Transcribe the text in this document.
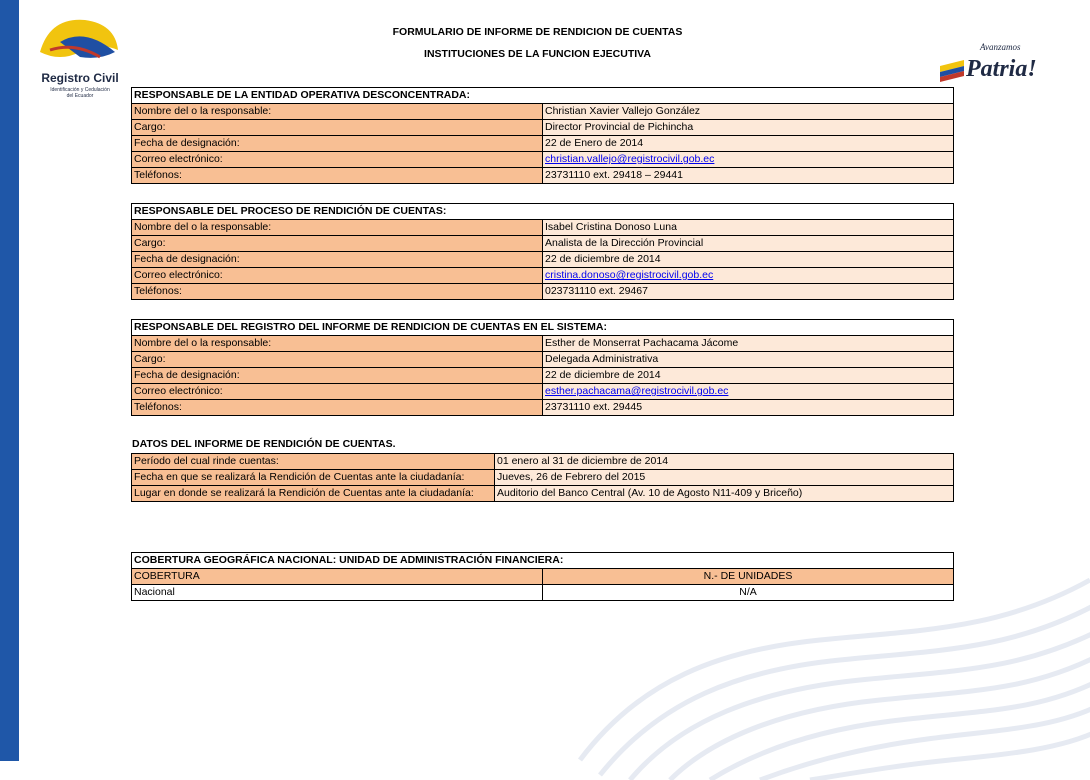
Registro Civil
Identificación y Cedulación
del Ecuador
Avanzamos
Patria!
FORMULARIO DE INFORME DE RENDICION DE CUENTAS
INSTITUCIONES DE LA FUNCION EJECUTIVA
RESPONSABLE DE LA ENTIDAD OPERATIVA DESCONCENTRADA:	
Nombre del o la responsable:	Christian Xavier Vallejo González
Cargo:	Director Provincial de Pichincha
Fecha de designación:	22 de Enero de 2014
Correo electrónico:	christian.vallejo@registrocivil.gob.ec
Teléfonos:	23731110 ext. 29418 – 29441
RESPONSABLE DEL PROCESO DE RENDICIÓN DE CUENTAS:	
Nombre del o la responsable:	Isabel Cristina Donoso Luna
Cargo:	Analista de la Dirección Provincial
Fecha de designación:	22 de diciembre de 2014
Correo electrónico:	cristina.donoso@registrocivil.gob.ec
Teléfonos:	023731110 ext. 29467
RESPONSABLE DEL REGISTRO DEL INFORME DE RENDICION DE CUENTAS EN EL SISTEMA:	
Nombre del o la responsable:	Esther de Monserrat Pachacama Jácome
Cargo:	Delegada Administrativa
Fecha de designación:	22 de diciembre de 2014
Correo electrónico:	esther.pachacama@registrocivil.gob.ec
Teléfonos:	23731110 ext. 29445
DATOS DEL INFORME DE RENDICIÓN DE CUENTAS.
Período del cual rinde cuentas:	01 enero al 31 de diciembre de 2014
Fecha en que se realizará la Rendición de Cuentas ante la ciudadanía:	Jueves, 26 de Febrero del 2015
Lugar en donde se realizará la Rendición de Cuentas ante la ciudadanía:	Auditorio del Banco Central (Av. 10 de Agosto N11-409 y Briceño)
COBERTURA GEOGRÁFICA NACIONAL: UNIDAD DE ADMINISTRACIÓN FINANCIERA:	
COBERTURA	N.- DE UNIDADES
Nacional	N/A
